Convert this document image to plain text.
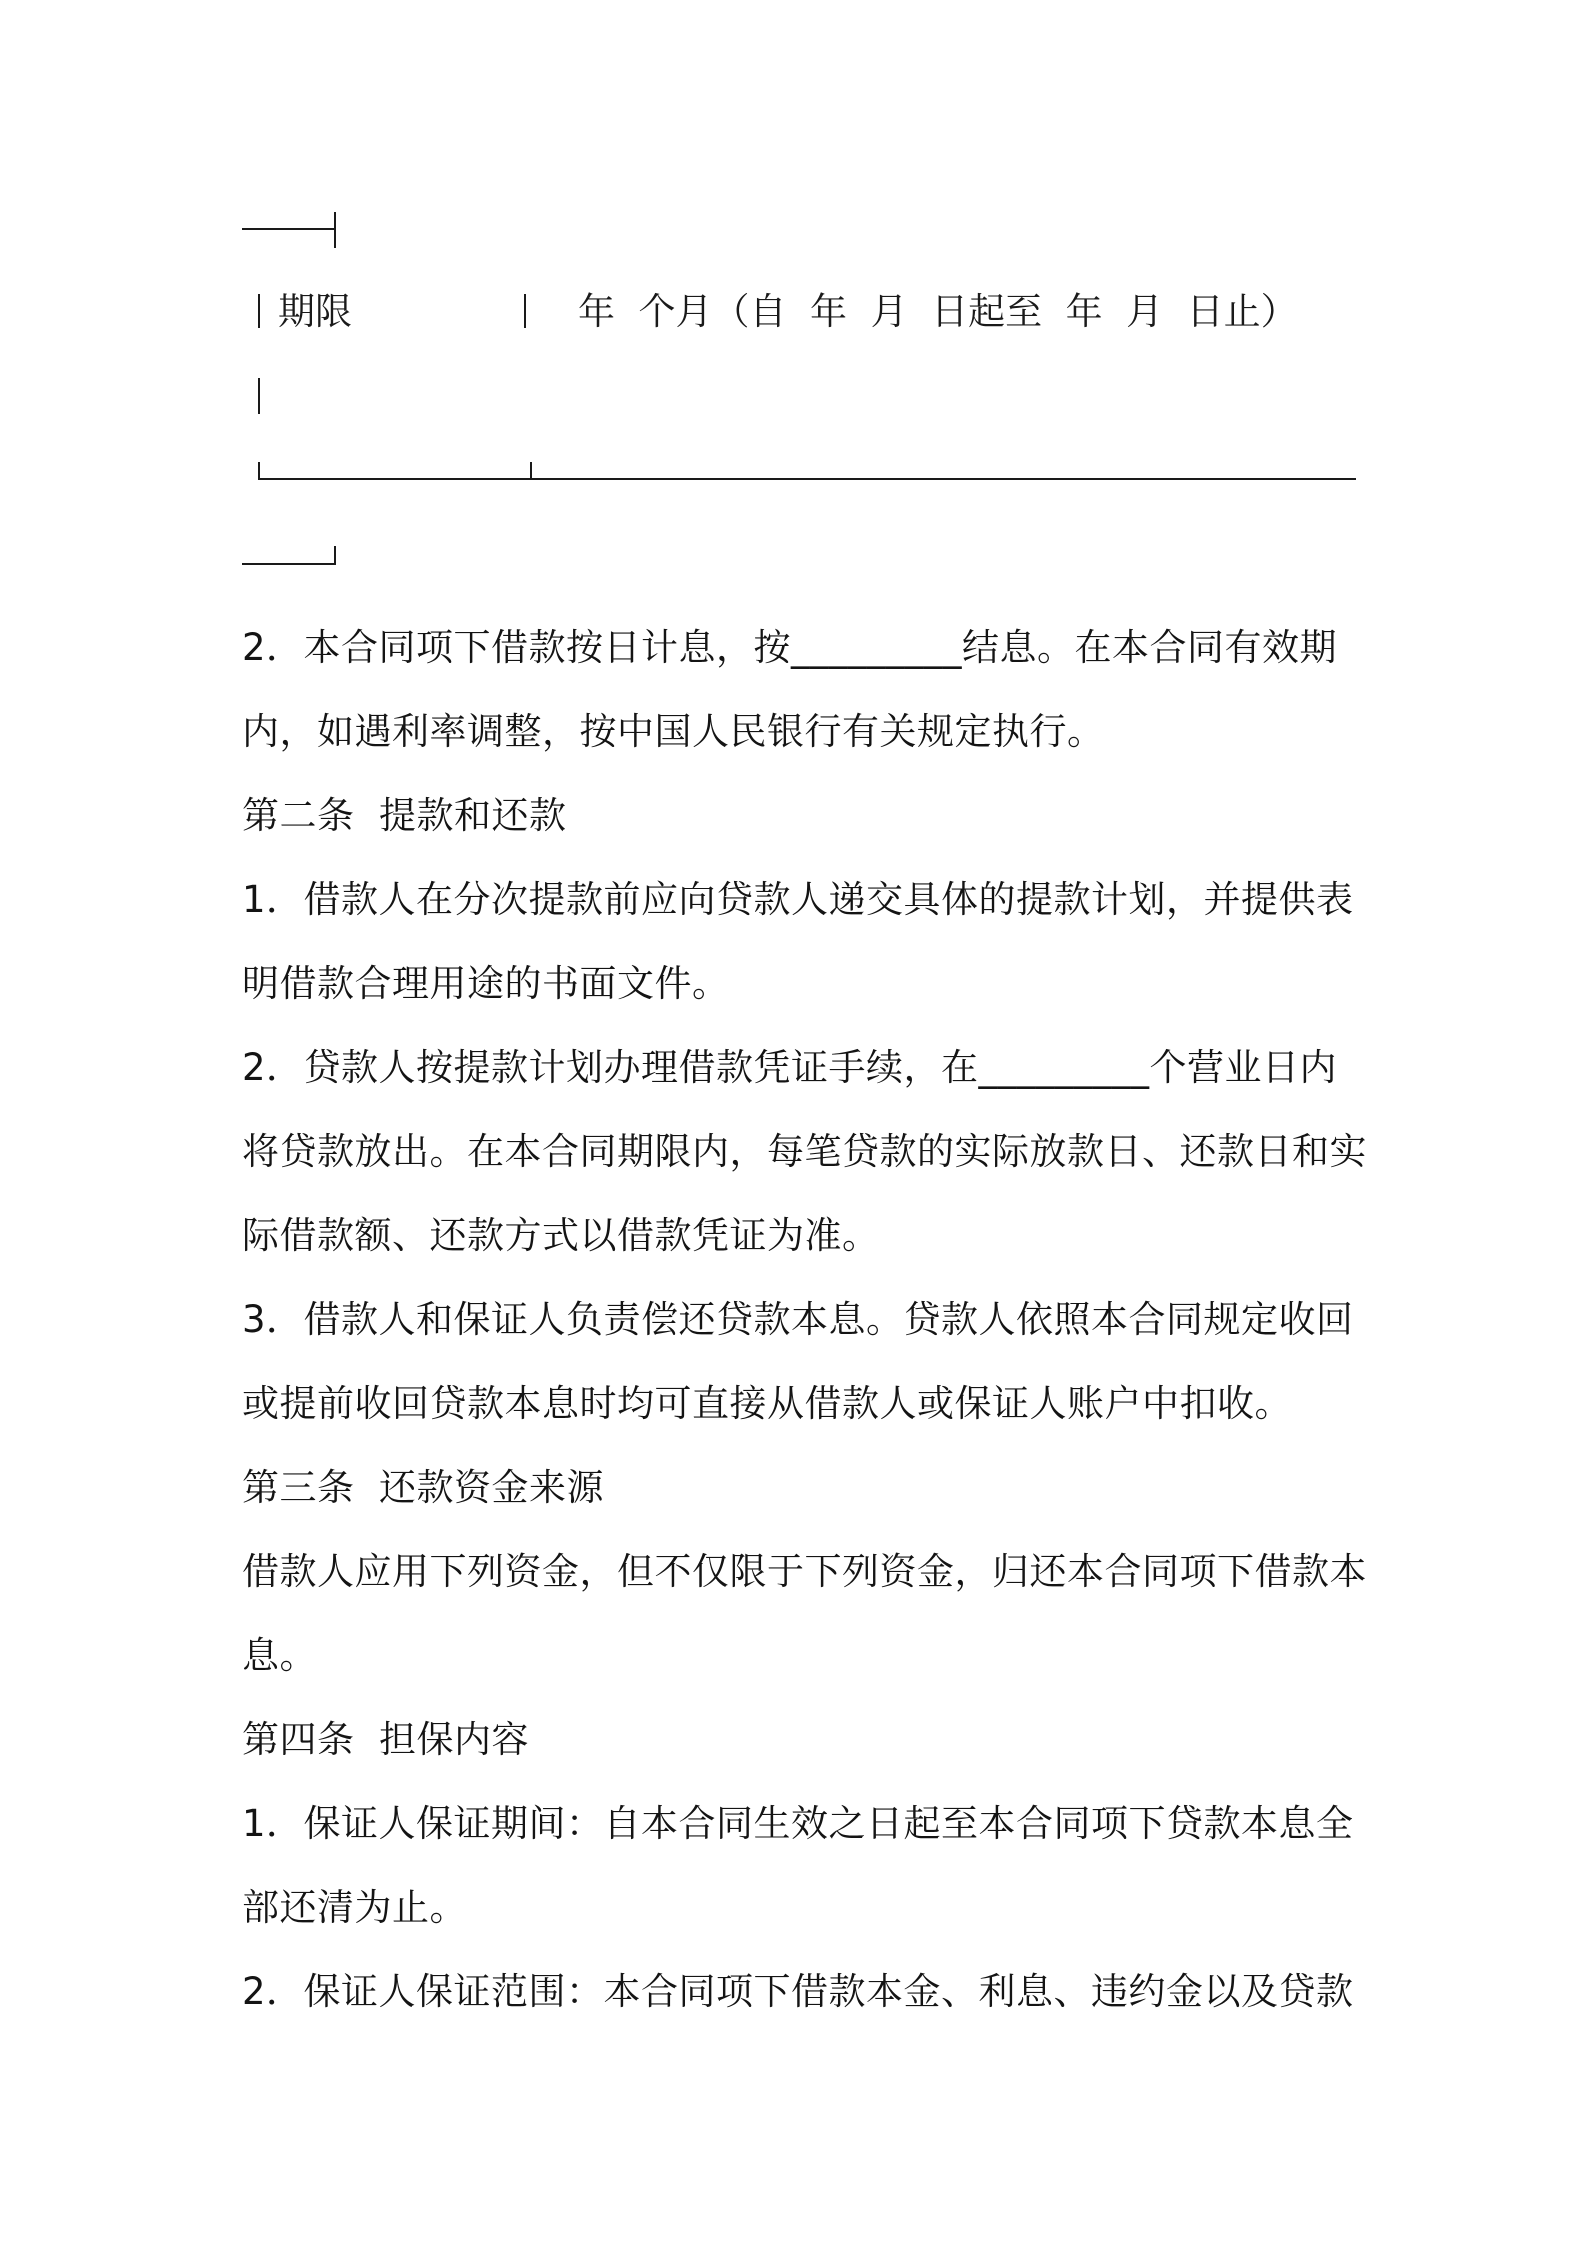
期限	年  个月（自  年  月  日起至  年  月  日止）
2．本合同项下借款按日计息，按_________结息。在本合同有效期
内，如遇利率调整，按中国人民银行有关规定执行。
第二条  提款和还款
1．借款人在分次提款前应向贷款人递交具体的提款计划，并提供表
明借款合理用途的书面文件。
2．贷款人按提款计划办理借款凭证手续，在_________个营业日内
将贷款放出。在本合同期限内，每笔贷款的实际放款日、还款日和实
际借款额、还款方式以借款凭证为准。
3．借款人和保证人负责偿还贷款本息。贷款人依照本合同规定收回
或提前收回贷款本息时均可直接从借款人或保证人账户中扣收。
第三条  还款资金来源
借款人应用下列资金，但不仅限于下列资金，归还本合同项下借款本
息。
第四条  担保内容
1．保证人保证期间：自本合同生效之日起至本合同项下贷款本息全
部还清为止。
2．保证人保证范围：本合同项下借款本金、利息、违约金以及贷款
